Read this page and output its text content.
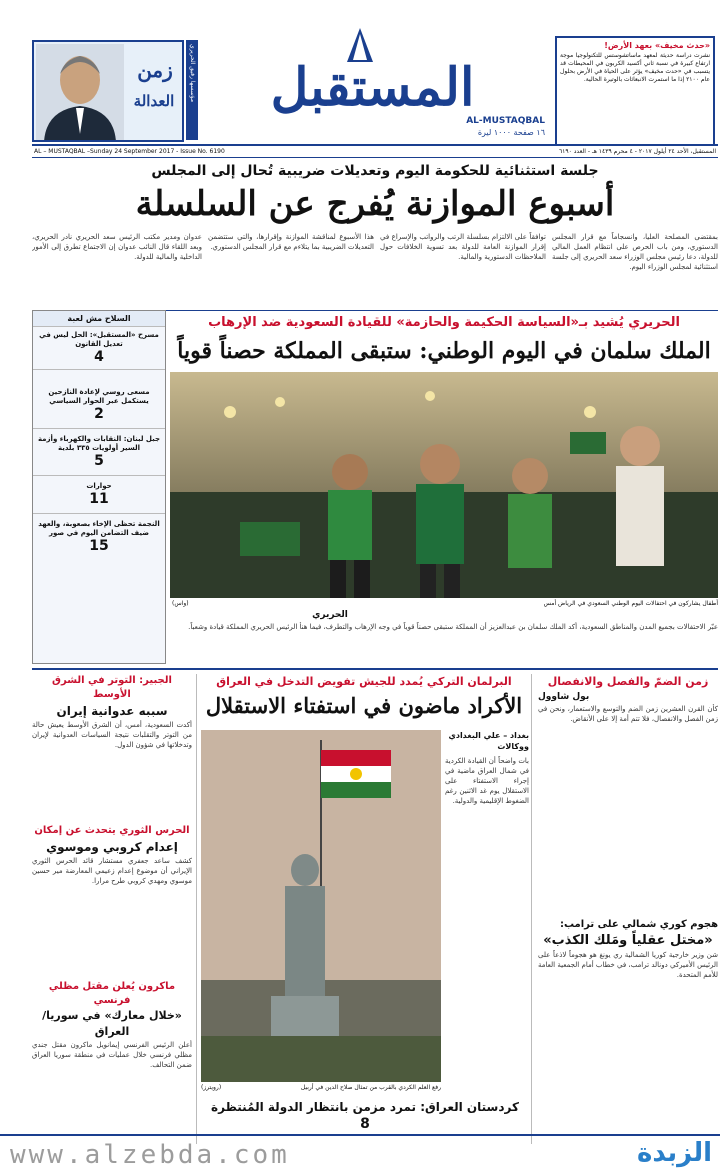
«حدث مخيف» بعهد الأرض!
نشرت دراسة حديثة لمعهد ماساتشوستس للتكنولوجيا موجة ارتفاع كبيرة في نسبة ثاني أكسيد الكربون في المحيطات قد يتسبب في «حدث مخيف» يؤثر على الحياة في الأرض بحلول عام ٢١٠٠ إذا ما استمرت الانبعاثات بالوتيرة الحالية.
المستقبل
AL-MUSTAQBAL
١٦ صفحة ١٠٠٠ ليرة
مؤسسها رفيق الحريري
زمن
العدالة
AL – MUSTAQBAL –Sunday 24 September 2017 - Issue No. 6190	المستقبل، الأحد ٢٤ أيلول ٢٠١٧ - ٤ محرم ١٤٣٩ هـ - العدد ٦١٩٠
جلسة استثنائية للحكومة اليوم وتعديلات ضريبية تُحال إلى المجلس
أسبوع الموازنة يُفرج عن السلسلة
بمقتضى المصلحة العليا، وانسجاماً مع قرار المجلس الدستوري، ومن باب الحرص على انتظام العمل المالي للدولة، دعا رئيس مجلس الوزراء سعد الحريري إلى جلسة استثنائية لمجلس الوزراء اليوم.
توافقاً على الالتزام بسلسلة الرتب والرواتب والإسراع في إقرار الموازنة العامة للدولة بعد تسوية الخلافات حول الملاحظات الدستورية والمالية.
هذا الأسبوع لمناقشة الموازنة وإقرارها، والتي ستتضمن التعديلات الضريبية بما يتلاءم مع قرار المجلس الدستوري.
عدوان ومدير مكتب الرئيس سعد الحريري نادر الحريري، وبعد اللقاء قال النائب عدوان إن الاجتماع تطرق إلى الأمور الداخلية والمالية للدولة.
الحريري يُشيد بـ«السياسة الحكيمة والحازمة» للقيادة السعودية ضد الإرهاب
الملك سلمان في اليوم الوطني: ستبقى المملكة حصناً قوياً
أطفال يشاركون في احتفالات اليوم الوطني السعودي في الرياض أمس
(واس)
الحريري
عبّر الاحتفالات بجميع المدن والمناطق السعودية، أكد الملك سلمان بن عبدالعزيز أن المملكة ستبقى حصناً قوياً في وجه الإرهاب والتطرف، فيما هنأ الرئيس الحريري المملكة قيادة وشعباً.
السلاح مش لعبة
مسرح «المستقبل»: الحل ليس في تعديل القانون
4
مسعى روسي لإعادة النازحين يستكمل عبر الحوار السياسي
2
جبل لبنان: النقابات والكهرباء وأزمة السير أولويات ٣٣٥ بلدية
5
حوارات
11
النجمة تحظى الإخاء بصعوبة، والعهد ضيف التضامن اليوم في صور
15
الجبير: التوتر في الشرق الأوسط
سببه عدوانية إيران
أكدت السعودية، أمس، أن الشرق الأوسط يعيش حالة من التوتر والتقلبات نتيجة السياسات العدوانية لإيران وتدخلاتها في شؤون الدول.
الحرس الثوري يتحدث عن إمكان
إعدام كروبي وموسوي
كشف ساعد جعفري مستشار قائد الحرس الثوري الإيراني أن موضوع إعدام زعيمي المعارضة مير حسين موسوي ومهدي كروبي طرح مرارا.
ماكرون يُعلن مقتل مظلي فرنسي
«خلال معارك» في سوريا/العراق
أعلن الرئيس الفرنسي إيمانويل ماكرون مقتل جندي مظلي فرنسي خلال عمليات في منطقة سوريا العراق ضمن التحالف.
البرلمان التركي يُمدد للجيش تفويض التدخل في العراق
الأكراد ماضون في استفتاء الاستقلال
رفع العلم الكردي بالقرب من تمثال صلاح الدين في أربيل
(رويترز)
بغداد – علي البغدادي ووكالات
بات واضحاً أن القيادة الكردية في شمال العراق ماضية في إجراء الاستفتاء على الاستقلال يوم غد الاثنين رغم الضغوط الإقليمية والدولية.
كردستان العراق: تمرد مزمن بانتظار الدولة المُنتظرة
8
زمن الضمّ والفصل والانفصال
بول شاوول
كأن القرن العشرين زمن الضم والتوسع والاستعمار، ونحن في زمن الفصل والانفصال، فلا تتم أمة إلا على الأنقاض.
هجوم كوري شمالي على ترامب:
«مختل عقلياً ومَلك الكذب»
شن وزير خارجية كوريا الشمالية ري يونغ هو هجوماً لاذعاً على الرئيس الأميركي دونالد ترامب، في خطاب أمام الجمعية العامة للأمم المتحدة.
www.alzebda.com	الزبدة
